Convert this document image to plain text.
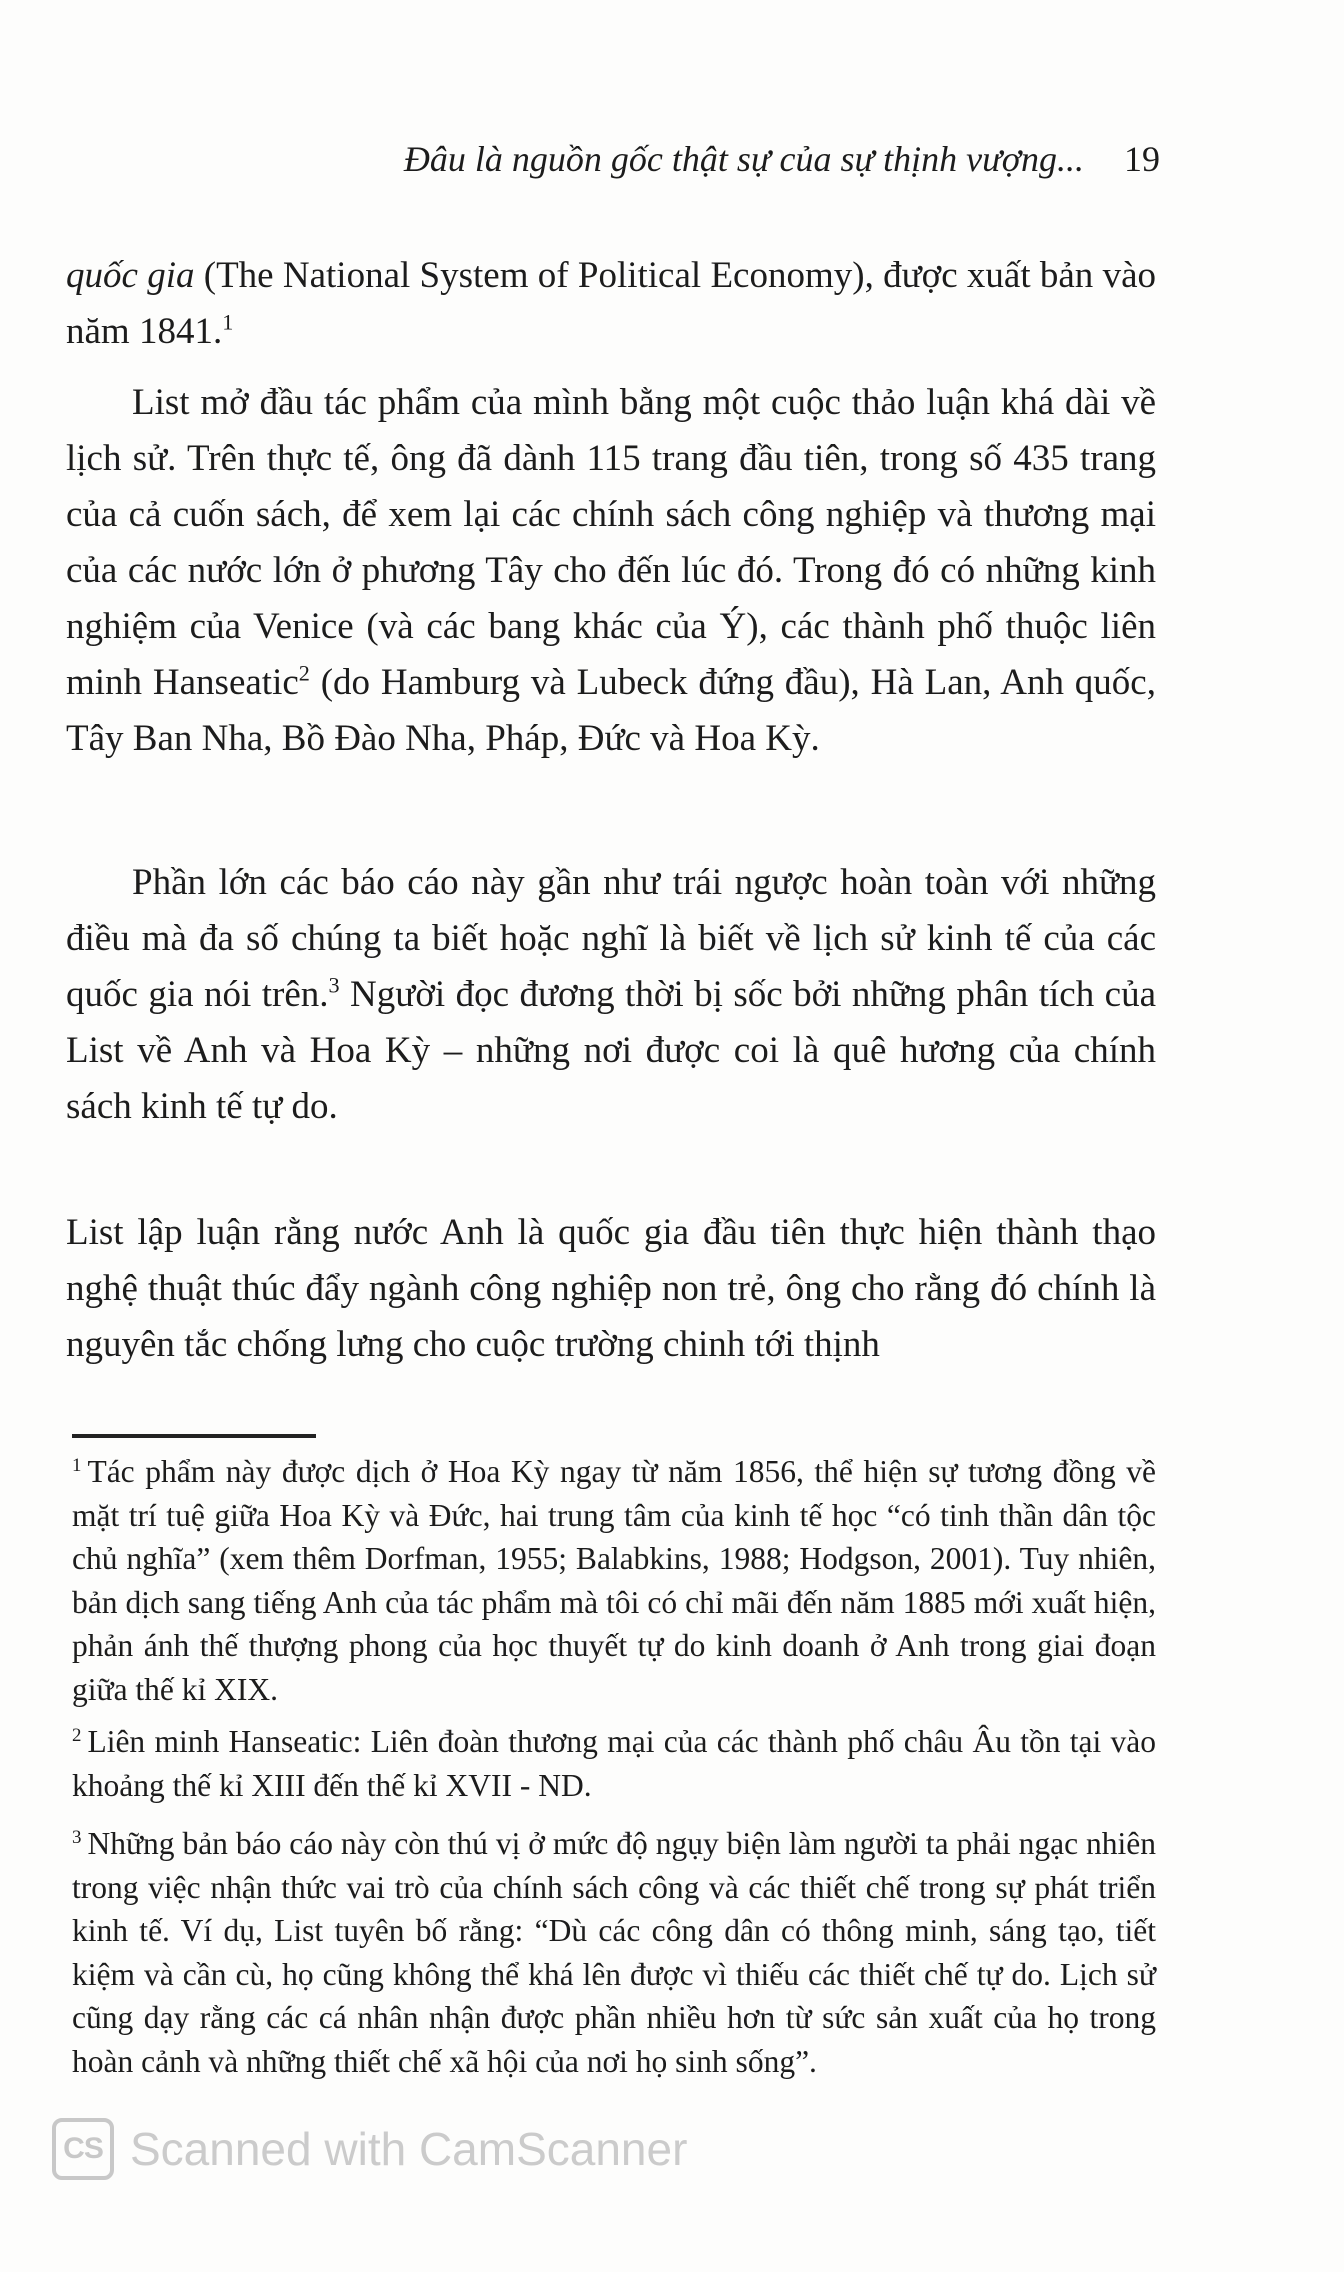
Đâu là nguồn gốc thật sự của sự thịnh vượng... 19

quốc gia (The National System of Political Economy), được xuất bản vào năm 1841.$^1$

List mở đầu tác phẩm của mình bằng một cuộc thảo luận khá dài về lịch sử. Trên thực tế, ông đã dành 115 trang đầu tiên, trong số 435 trang của cả cuốn sách, để xem lại các chính sách công nghiệp và thương mại của các nước lớn ở phương Tây cho đến lúc đó. Trong đó có những kinh nghiệm của Venice (và các bang khác của Ý), các thành phố thuộc liên minh Hanseatic$^2$ (do Hamburg và Lubeck đứng đầu), Hà Lan, Anh quốc, Tây Ban Nha, Bồ Đào Nha, Pháp, Đức và Hoa Kỳ.

Phần lớn các báo cáo này gần như trái ngược hoàn toàn với những điều mà đa số chúng ta biết hoặc nghĩ là biết về lịch sử kinh tế của các quốc gia nói trên.$^3$ Người đọc đương thời bị sốc bởi những phân tích của List về Anh và Hoa Kỳ – những nơi được coi là quê hương của chính sách kinh tế tự do.

List lập luận rằng nước Anh là quốc gia đầu tiên thực hiện thành thạo nghệ thuật thúc đẩy ngành công nghiệp non trẻ, ông cho rằng đó chính là nguyên tắc chống lưng cho cuộc trường chinh tới thịnh

$^1$ Tác phẩm này được dịch ở Hoa Kỳ ngay từ năm 1856, thể hiện sự tương đồng về mặt trí tuệ giữa Hoa Kỳ và Đức, hai trung tâm của kinh tế học “có tinh thần dân tộc chủ nghĩa” (xem thêm Dorfman, 1955; Balabkins, 1988; Hodgson, 2001). Tuy nhiên, bản dịch sang tiếng Anh của tác phẩm mà tôi có chỉ mãi đến năm 1885 mới xuất hiện, phản ánh thế thượng phong của học thuyết tự do kinh doanh ở Anh trong giai đoạn giữa thế kỉ XIX.

$^2$ Liên minh Hanseatic: Liên đoàn thương mại của các thành phố châu Âu tồn tại vào khoảng thế kỉ XIII đến thế kỉ XVII - ND.

$^3$ Những bản báo cáo này còn thú vị ở mức độ ngụy biện làm người ta phải ngạc nhiên trong việc nhận thức vai trò của chính sách công và các thiết chế trong sự phát triển kinh tế. Ví dụ, List tuyên bố rằng: “Dù các công dân có thông minh, sáng tạo, tiết kiệm và cần cù, họ cũng không thể khá lên được vì thiếu các thiết chế tự do. Lịch sử cũng dạy rằng các cá nhân nhận được phần nhiều hơn từ sức sản xuất của họ trong hoàn cảnh và những thiết chế xã hội của nơi họ sinh sống”.

CS Scanned with CamScanner
